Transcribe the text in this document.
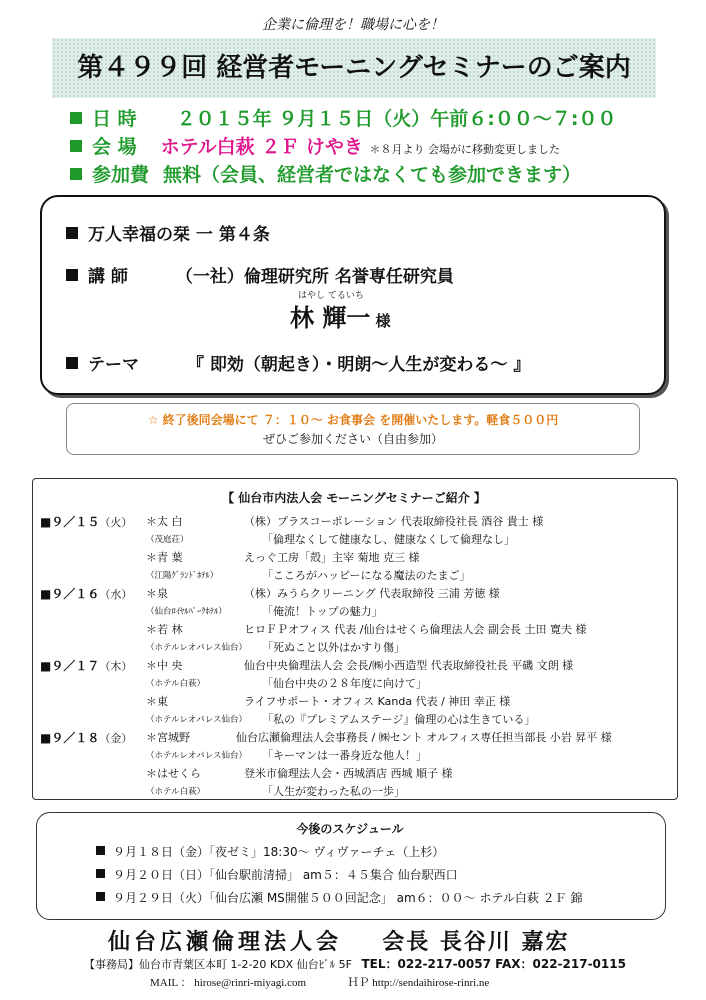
企業に倫理を！職場に心を！
第４９９回 経営者モーニングセミナーのご案内
日 時 ２０１５年 ９月１５日（火）午前６:００～７:００
会 場 ホテル白萩 ２Ｆ けやき ＊８月より 会場がに移動変更しました
参加費 無料（会員、経営者ではなくても参加できます）
万人幸福の栞 一 第４条
講 師	（一社）倫理研究所 名誉専任研究員
はやし てるいち
林 輝一 様
テーマ	『 即効（朝起き）・明朗～人生が変わる～ 』
☆ 終了後同会場にて ７：１０～ お食事会 を開催いたします。軽食５００円
ぜひご参加ください（自由参加）
【 仙台市内法人会 モーニングセミナーご紹介 】
■９／１５（火） ＊太 白	（株）プラスコーポレーション 代表取締役社長 酒谷 貴士 様
（茂庭荘）	「倫理なくして健康なし、健康なくして倫理なし」
＊青 葉	えっぐ工房「殻」主宰 菊地 克三 様
（江陽ｸﾞﾗﾝﾄﾞﾎﾃﾙ）	「こころがハッピーになる魔法のたまご」
■９／１６（水） ＊泉	（株）みうらクリーニング 代表取締役 三浦 芳徳 様
（仙台ﾛｲﾔﾙﾊﾟｰｸﾎﾃﾙ）	「俺流！トップの魅力」
＊若 林	ヒロＦＰオフィス 代表 /仙台はせくら倫理法人会 副会長 土田 寛夫 様
（ホテルレオパレス仙台） 「死ぬこと以外はかすり傷」
■９／１７（木） ＊中 央	仙台中央倫理法人会 会長/㈱小西造型 代表取締役社長 平磯 文朗 様
（ホテル白萩）	「仙台中央の２８年度に向けて」
＊東	ライフサポート・オフィス Kanda 代表 / 神田 幸正 様
（ホテルレオパレス仙台） 「私の『プレミアムステージ』倫理の心は生きている」
■９／１８（金） ＊宮城野	仙台広瀬倫理法人会事務長 / ㈱セント オルフィス専任担当部長 小岩 昇平 様
（ホテルレオパレス仙台） 「キーマンは一番身近な他人！」
＊はせくら	登米市倫理法人会・西城酒店 西城 順子 様
（ホテル白萩）	「人生が変わった私の一歩」
今後のスケジュール
９月１８日（金）「夜ゼミ」18:30～ ヴィヴァーチェ（上杉）
９月２０日（日）「仙台駅前清掃」 am５：４５集合 仙台駅西口
９月２９日（火）「仙台広瀬 MS開催５００回記念」 am６：００～ ホテル白萩 ２Ｆ 錦
仙台広瀬倫理法人会 会長 長谷川 嘉宏
【事務局】仙台市青葉区本町 1-2-20 KDX 仙台ﾋﾞﾙ 5F TEL：022-217-0057 FAX：022-217-0115
MAIL ： hirose@rinri-miyagi.com	ＨＰ http://sendaihirose-rinri.ne
